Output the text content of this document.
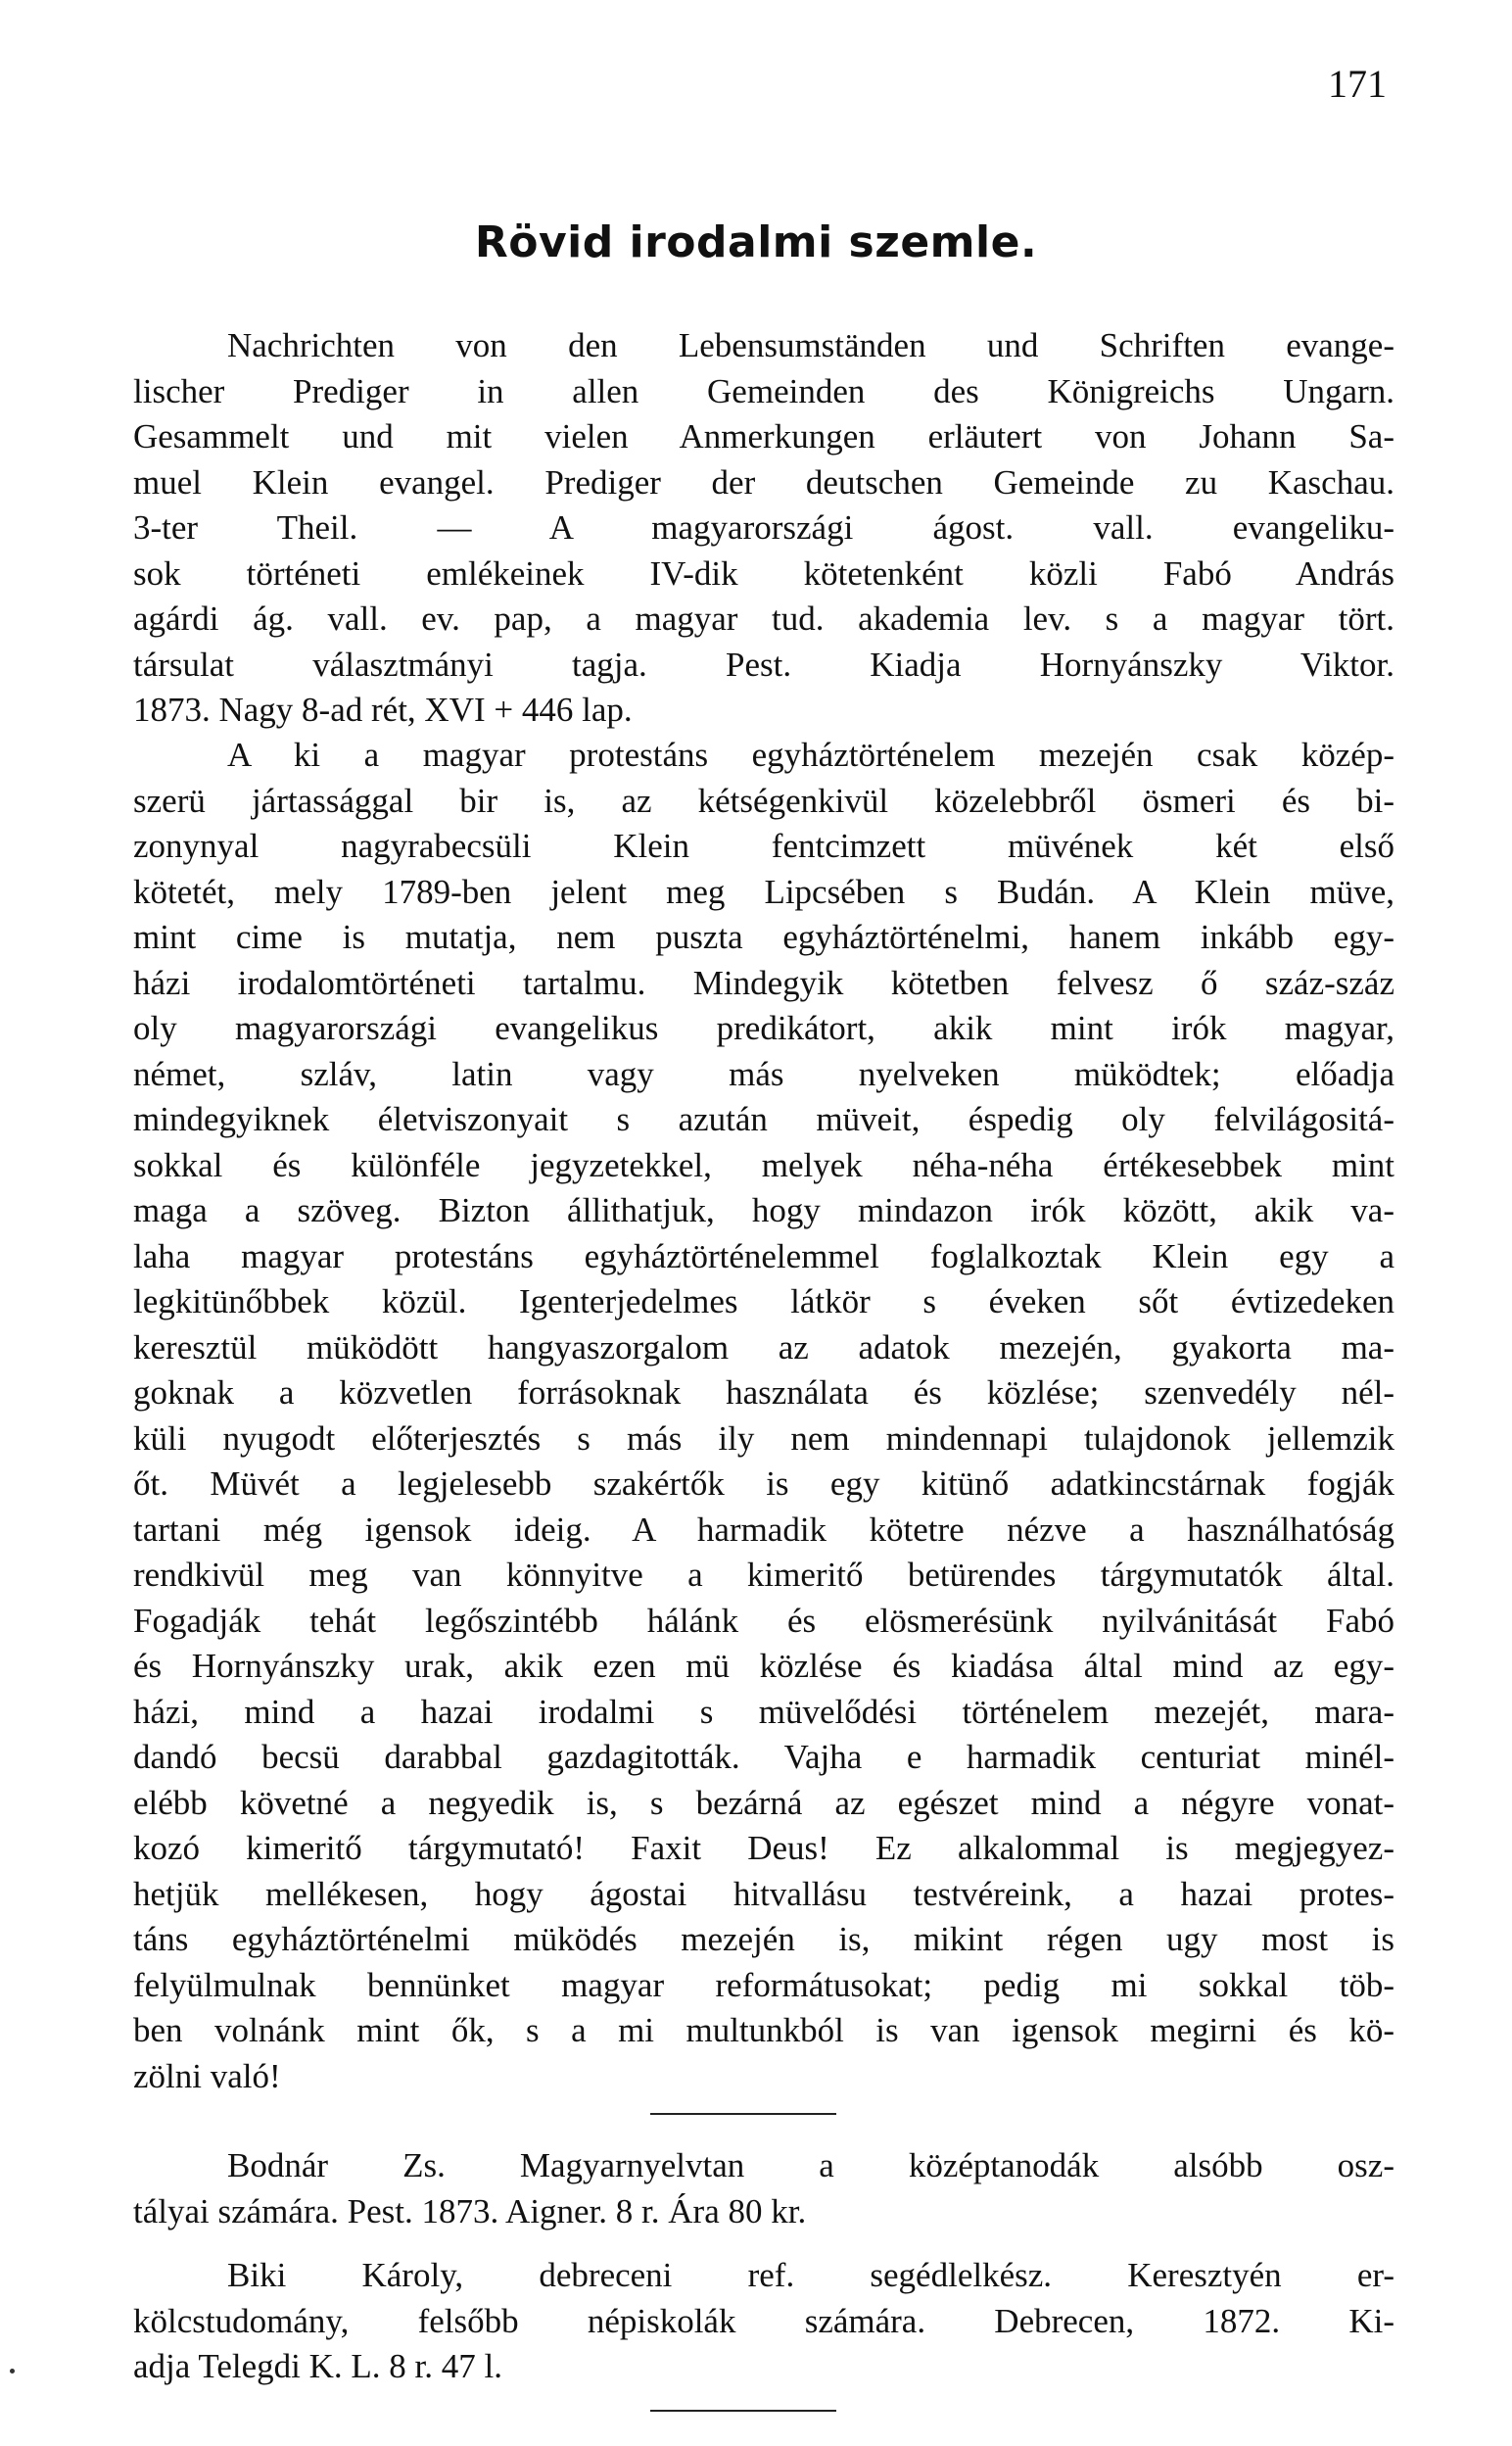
171
Rövid irodalmi szemle.
Nachrichten von den Lebensumständen und Schriften evange-
lischer Prediger in allen Gemeinden des Königreichs Ungarn.
Gesammelt und mit vielen Anmerkungen erläutert von Johann Sa-
muel Klein evangel. Prediger der deutschen Gemeinde zu Kaschau.
3-ter Theil. — A magyarországi ágost. vall. evangeliku-
sok történeti emlékeinek IV-dik kötetenként közli Fabó András
agárdi ág. vall. ev. pap, a magyar tud. akademia lev. s a magyar tört.
társulat választmányi tagja. Pest. Kiadja Hornyánszky Viktor.
1873. Nagy 8-ad rét, XVI + 446 lap.
A ki a magyar protestáns egyháztörténelem mezején csak közép-
szerü jártassággal bir is, az kétségenkivül közelebbről ösmeri és bi-
zonynyal nagyrabecsüli Klein fentcimzett müvének két első
kötetét, mely 1789-ben jelent meg Lipcsében s Budán. A Klein müve,
mint cime is mutatja, nem puszta egyháztörténelmi, hanem inkább egy-
házi irodalomtörténeti tartalmu. Mindegyik kötetben felvesz ő száz-száz
oly magyarországi evangelikus predikátort, akik mint irók magyar,
német, szláv, latin vagy más nyelveken müködtek; előadja
mindegyiknek életviszonyait s azután müveit, éspedig oly felvilágositá-
sokkal és különféle jegyzetekkel, melyek néha-néha értékesebbek mint
maga a szöveg. Bizton állithatjuk, hogy mindazon irók között, akik va-
laha magyar protestáns egyháztörténelemmel foglalkoztak Klein egy a
legkitünőbbek közül. Igenterjedelmes látkör s éveken sőt évtizedeken
keresztül müködött hangyaszorgalom az adatok mezején, gyakorta ma-
goknak a közvetlen forrásoknak használata és közlése; szenvedély nél-
küli nyugodt előterjesztés s más ily nem mindennapi tulajdonok jellemzik
őt. Müvét a legjelesebb szakértők is egy kitünő adatkincstárnak fogják
tartani még igensok ideig. A harmadik kötetre nézve a használhatóság
rendkivül meg van könnyitve a kimeritő betürendes tárgymutatók által.
Fogadják tehát legőszintébb hálánk és elösmerésünk nyilvánitását Fabó
és Hornyánszky urak, akik ezen mü közlése és kiadása által mind az egy-
házi, mind a hazai irodalmi s müvelődési történelem mezejét, mara-
dandó becsü darabbal gazdagitották. Vajha e harmadik centuriat minél-
elébb követné a negyedik is, s bezárná az egészet mind a négyre vonat-
kozó kimeritő tárgymutató! Faxit Deus! Ez alkalommal is megjegyez-
hetjük mellékesen, hogy ágostai hitvallásu testvéreink, a hazai protes-
táns egyháztörténelmi müködés mezején is, mikint régen ugy most is
felyülmulnak bennünket magyar reformátusokat; pedig mi sokkal töb-
ben volnánk mint ők, s a mi multunkból is van igensok megirni és kö-
zölni való!
Bodnár Zs. Magyarnyelvtan a középtanodák alsóbb osz-
tályai számára. Pest. 1873. Aigner. 8 r. Ára 80 kr.
Biki Károly, debreceni ref. segédlelkész. Keresztyén er-
kölcstudomány, felsőbb népiskolák számára. Debrecen, 1872. Ki-
adja Telegdi K. L. 8 r. 47 l.
